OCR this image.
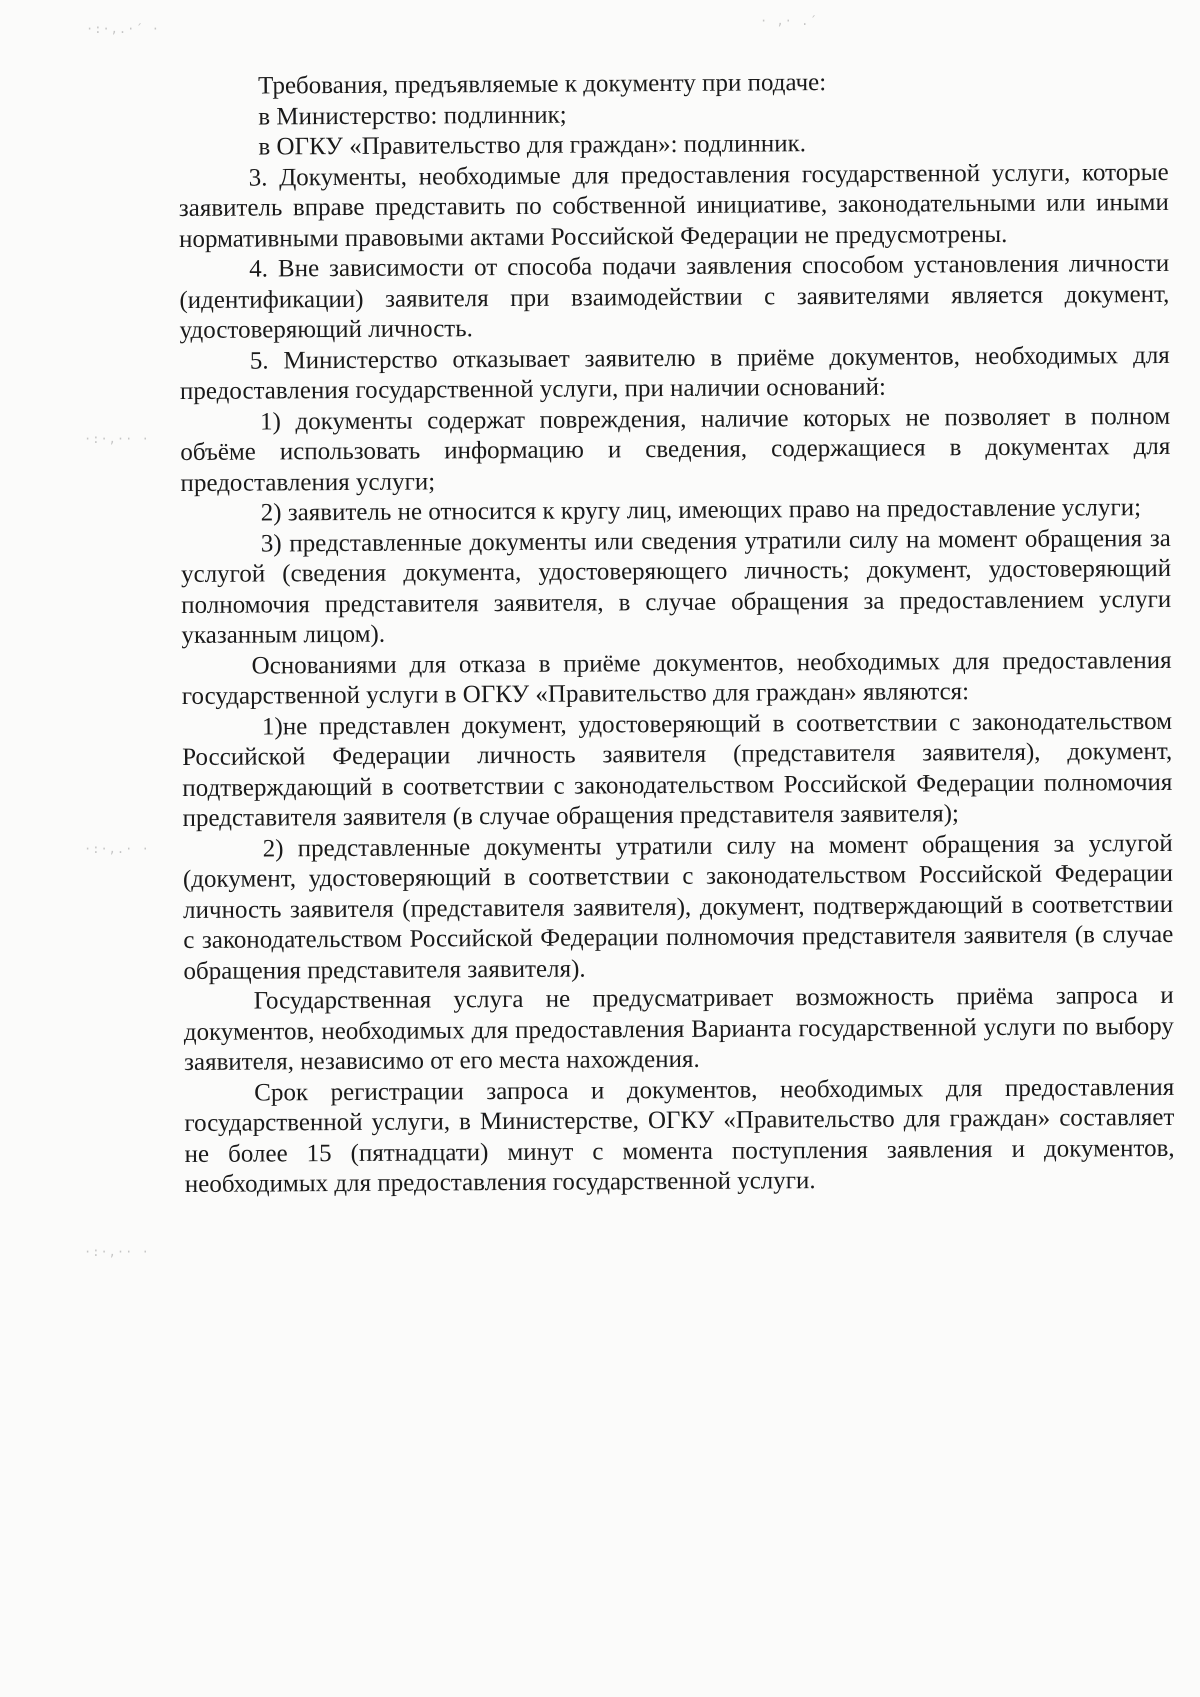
·:·,.·´ ·
· ,· .´
·:·,·· ·
·:·,.· ·
·:·,·· ·

Требования, предъявляемые к документу при подаче:

в Министерство: подлинник;

в ОГКУ «Правительство для граждан»: подлинник.

3. Документы, необходимые для предоставления государственной услуги, которые заявитель вправе представить по собственной инициативе, законодательными или иными нормативными правовыми актами Российской Федерации не предусмотрены.

4. Вне зависимости от способа подачи заявления способом установления личности (идентификации) заявителя при взаимодействии с заявителями является документ, удостоверяющий личность.

5. Министерство отказывает заявителю в приёме документов, необходимых для предоставления государственной услуги, при наличии оснований:

1) документы содержат повреждения, наличие которых не позволяет в полном объёме использовать информацию и сведения, содержащиеся в документах для предоставления услуги;

2) заявитель не относится к кругу лиц, имеющих право на предоставление услуги;

3) представленные документы или сведения утратили силу на момент обращения за услугой (сведения документа, удостоверяющего личность; документ, удостоверяющий полномочия представителя заявителя, в случае обращения за предоставлением услуги указанным лицом).

Основаниями для отказа в приёме документов, необходимых для предоставления государственной услуги в ОГКУ «Правительство для граждан» являются:

1)не представлен документ, удостоверяющий в соответствии с законодательством Российской Федерации личность заявителя (представителя заявителя), документ, подтверждающий в соответствии с законодательством Российской Федерации полномочия представителя заявителя (в случае обращения представителя заявителя);

2) представленные документы утратили силу на момент обращения за услугой (документ, удостоверяющий в соответствии с законодательством Российской Федерации личность заявителя (представителя заявителя), документ, подтверждающий в соответствии с законодательством Российской Федерации полномочия представителя заявителя (в случае обращения представителя заявителя).

Государственная услуга не предусматривает возможность приёма запроса и документов, необходимых для предоставления Варианта государственной услуги по выбору заявителя, независимо от его места нахождения.

Срок регистрации запроса и документов, необходимых для предоставления государственной услуги, в Министерстве, ОГКУ «Правительство для граждан» составляет не более 15 (пятнадцати) минут с момента поступления заявления и документов, необходимых для предоставления государственной услуги.
